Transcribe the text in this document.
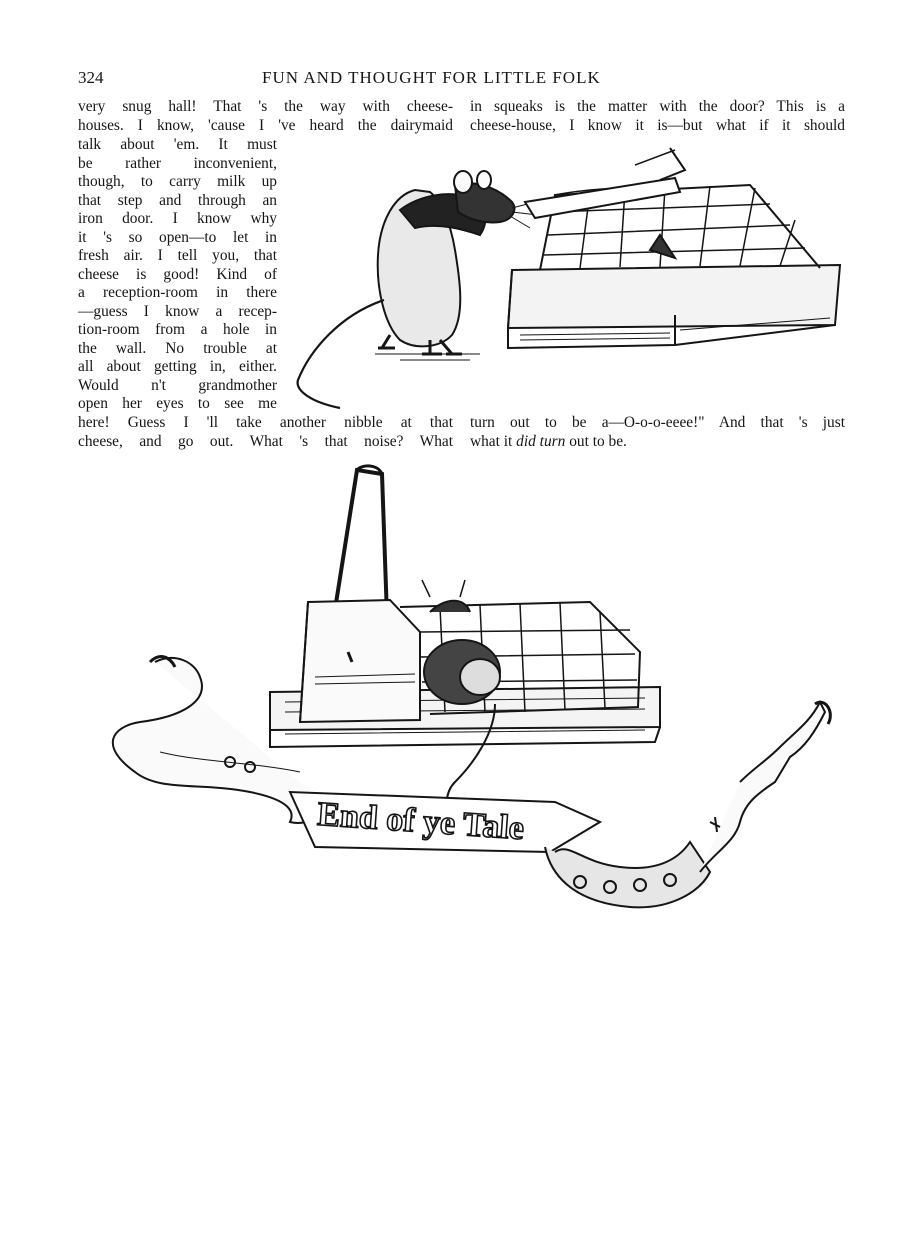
324	FUN AND THOUGHT FOR LITTLE FOLK
very snug hall! That 's the way with cheese-
houses. I know, 'cause I 've heard the dairymaid
in squeaks is the matter with the door? This is a
cheese-house, I know it is—but what if it should
talk about 'em. It must
be rather inconvenient,
though, to carry milk up
that step and through an
iron door. I know why
it 's so open—to let in
fresh air. I tell you, that
cheese is good! Kind of
a reception-room in there
—guess I know a recep-
tion-room from a hole in
the wall. No trouble at
all about getting in, either.
Would n't grandmother
open her eyes to see me
here! Guess I 'll take another nibble at that
cheese, and go out. What 's that noise? What
turn out to be a—O-o-o-eeee!" And that 's just
what it did turn out to be.
End of ye Tale
